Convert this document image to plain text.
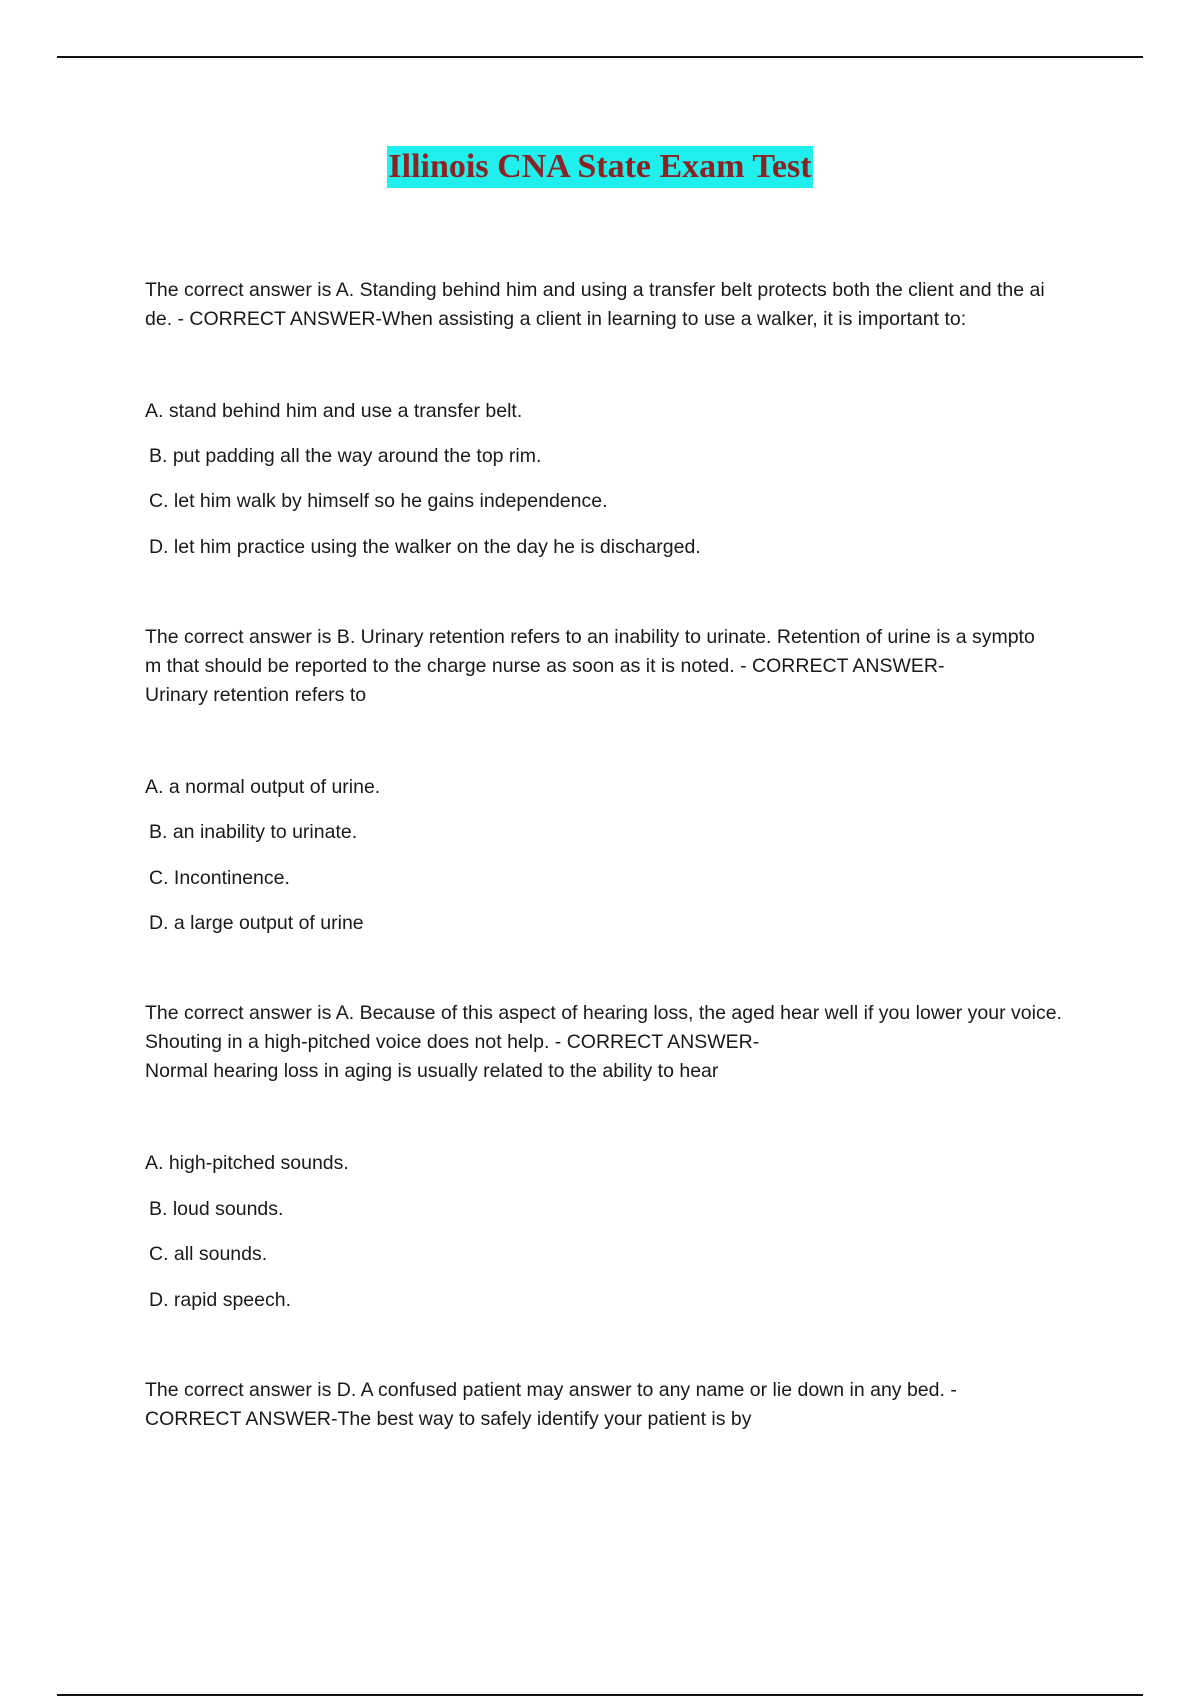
Illinois CNA State Exam Test

The correct answer is A. Standing behind him and using a transfer belt protects both the client and the ai
de. - CORRECT ANSWER-When assisting a client in learning to use a walker, it is important to:

A. stand behind him and use a transfer belt.

B. put padding all the way around the top rim.

C. let him walk by himself so he gains independence.

D. let him practice using the walker on the day he is discharged.

The correct answer is B. Urinary retention refers to an inability to urinate. Retention of urine is a sympto
m that should be reported to the charge nurse as soon as it is noted. - CORRECT ANSWER-
Urinary retention refers to

A. a normal output of urine.

B. an inability to urinate.

C. Incontinence.

D. a large output of urine

The correct answer is A. Because of this aspect of hearing loss, the aged hear well if you lower your voice.
Shouting in a high-pitched voice does not help. - CORRECT ANSWER-
Normal hearing loss in aging is usually related to the ability to hear

A. high-pitched sounds.

B. loud sounds.

C. all sounds.

D. rapid speech.

The correct answer is D. A confused patient may answer to any name or lie down in any bed. -
CORRECT ANSWER-The best way to safely identify your patient is by
